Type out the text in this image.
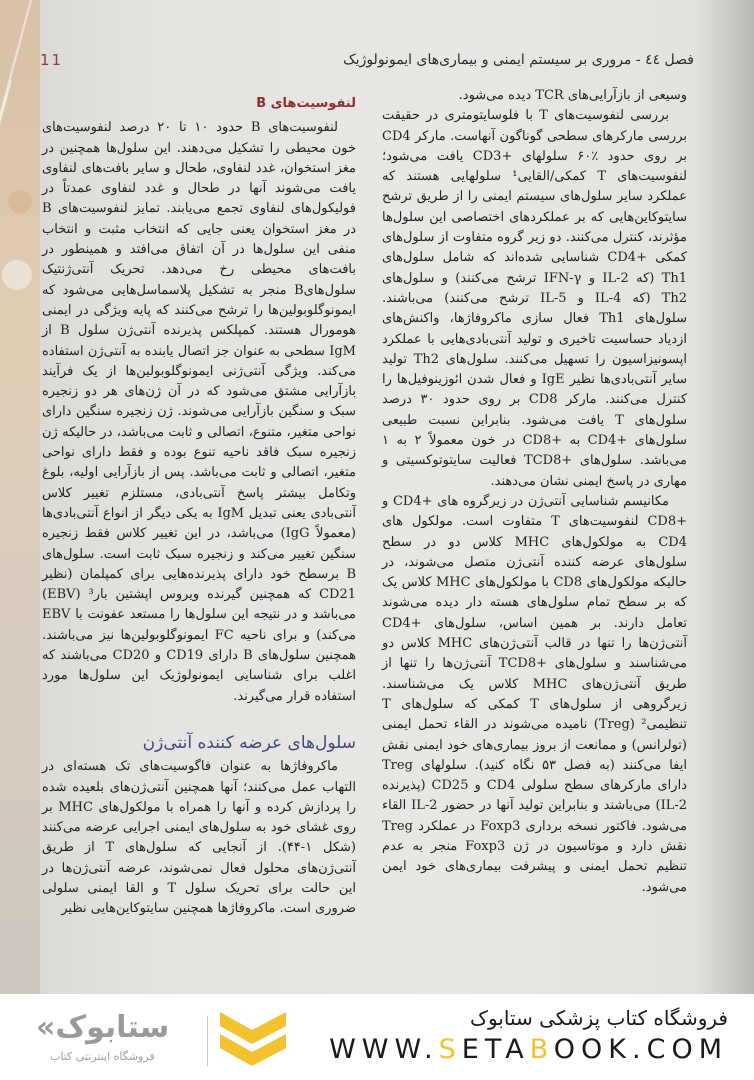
فصل ٤٤ - مروری بر سیستم ایمنی و بیماری‌های ایمونولوژیک
11

وسیعی از بازآرایی‌های TCR دیده می‌شود.

بررسی لنفوسیت‌های T با فلوسایتومتری در حقیقت بررسی مارکرهای سطحی گوناگون آنهاست. مارکر CD4 بر روی حدود ٪۶۰ سلولهای +CD3 یافت می‌شود؛ لنفوسیت‌های T کمکی/القایی¹ سلولهایی هستند که عملکرد سایر سلول‌های سیستم ایمنی را از طریق ترشح سایتوکاین‌هایی که بر عملکردهای اختصاصی این سلول‌ها مؤثرند، کنترل می‌کنند. دو زیر گروه متفاوت از سلول‌های کمکی +CD4 شناسایی شده‌اند که شامل سلول‌های Th1 (که IL-2 و IFN-γ ترشح می‌کنند) و سلول‌های Th2 (که IL-4 و IL-5 ترشح می‌کنند) می‌باشند. سلول‌های Th1 فعال سازی ماکروفاژها، واکنش‌های ازدیاد حساسیت تاخیری و تولید آنتی‌بادی‌هایی با عملکرد اپسونیزاسیون را تسهیل می‌کنند. سلول‌های Th2 تولید سایر آنتی‌بادی‌ها نظیر IgE و فعال شدن ائوزینوفیل‌ها را کنترل می‌کنند. مارکر CD8 بر روی حدود ۳۰ درصد سلول‌های T یافت می‌شود. بنابراین نسبت طبیعی سلول‌های +CD4 به +CD8 در خون معمولاً ۲ به ۱ می‌باشد. سلول‌های +TCD8 فعالیت سایتوتوکسیتی و مهاری در پاسخ ایمنی نشان می‌دهند.

مکانیسم شناسایی آنتی‌ژن در زیرگروه های +CD4 و +CD8 لنفوسیت‌های T متفاوت است. مولکول های CD4 به مولکول‌های MHC کلاس دو در سطح سلول‌های عرضه کننده آنتی‌ژن متصل می‌شوند، در حالیکه مولکول‌های CD8 با مولکول‌های MHC کلاس یک که بر سطح تمام سلول‌های هسته دار دیده می‌شوند تعامل دارند. بر همین اساس، سلول‌های +CD4 آنتی‌ژن‌ها را تنها در قالب آنتی‌ژن‌های MHC کلاس دو می‌شناسند و سلول‌های +TCD8 آنتی‌ژن‌ها را تنها از طریق آنتی‌ژن‌های MHC کلاس یک می‌شناسند. زیرگروهی از سلول‌های T کمکی که سلول‌های T تنظیمی² (Treg) نامیده می‌شوند در القاء تحمل ایمنی (تولرانس) و ممانعت از بروز بیماری‌های خود ایمنی نقش ایفا می‌کنند (به فصل ۵۳ نگاه کنید). سلولهای Treg دارای مارکرهای سطح سلولی CD4 و CD25 (پذیرنده IL-2) می‌باشند و بنابراین تولید آنها در حضور IL-2 القاء می‌شود. فاکتور نسخه برداری Foxp3 در عملکرد Treg نقش دارد و موتاسیون در ژن Foxp3 منجر به عدم تنظیم تحمل ایمنی و پیشرفت بیماری‌های خود ایمن می‌شود.

لنفوسیت‌های B

لنفوسیت‌های B حدود ۱۰ تا ۲۰ درصد لنفوسیت‌های خون محیطی را تشکیل می‌دهند. این سلول‌ها همچنین در مغز استخوان، غدد لنفاوی، طحال و سایر بافت‌های لنفاوی یافت می‌شوند آنها در طحال و غدد لنفاوی عمدتاً در فولیکول‌های لنفاوی تجمع می‌یابند. تمایز لنفوسیت‌های B در مغز استخوان یعنی جایی که انتخاب مثبت و انتخاب منفی این سلول‌ها در آن اتفاق می‌افتد و همینطور در بافت‌های محیطی رخ می‌دهد. تحریک آنتی‌ژنتیک سلول‌هایB منجر به تشکیل پلاسماسل‌هایی می‌شود که ایمونوگلوبولین‌ها را ترشح می‌کنند که پایه ویژگی در ایمنی هومورال هستند. کمپلکس پذیرنده آنتی‌ژن سلول B از IgM سطحی به عنوان جز اتصال یابنده به آنتی‌ژن استفاده می‌کند. ویژگی آنتی‌ژنی ایمونوگلوبولین‌ها از یک فرآیند بازآرایی مشتق می‌شود که در آن ژن‌های هر دو زنجیره سبک و سنگین بازآرایی می‌شوند. ژن زنجیره سنگین دارای نواحی متغیر، متنوع، اتصالی و ثابت می‌باشد، در حالیکه ژن زنجیره سبک فاقد ناحیه تنوع بوده و فقط دارای نواحی متغیر، اتصالی و ثابت می‌باشد. پس از بازآرایی اولیه، بلوغ وتکامل بیشتر پاسخ آنتی‌بادی، مستلزم تغییر کلاس آنتی‌بادی یعنی تبدیل IgM به یکی دیگر از انواع آنتی‌بادی‌ها (معمولاً IgG) می‌باشد، در این تغییر کلاس فقط زنجیره سنگین تغییر می‌کند و زنجیره سبک ثابت است. سلول‌های B برسطح خود دارای پذیرنده‌هایی برای کمپلمان (نظیر CD21 که همچنین گیرنده ویروس اپشتین بار³ (EBV) می‌باشد و در نتیجه این سلول‌ها را مستعد عفونت با EBV می‌کند) و برای ناحیه FC ایمونوگلوبولین‌ها نیز می‌باشند. همچنین سلول‌های B دارای CD19 و CD20 می‌باشند که اغلب برای شناسایی ایمونولوژیک این سلول‌ها مورد استفاده قرار می‌گیرند.

سلول‌های عرضه کننده آنتی‌ژن

ماکروفاژها به عنوان فاگوسیت‌های تک هسته‌ای در التهاب عمل می‌کنند؛ آنها همچنین آنتی‌ژن‌های بلعیده شده را پردازش کرده و آنها را همراه با مولکول‌های MHC بر روی غشای خود به سلول‌های ایمنی اجرایی عرضه می‌کنند (شکل ۱-۴۴). از آنجایی که سلول‌های T از طریق آنتی‌ژن‌های محلول فعال نمی‌شوند، عرضه آنتی‌ژن‌ها در این حالت برای تحریک سلول T و القا ایمنی سلولی ضروری است. ماکروفاژها همچنین سایتوکاین‌هایی نظیر

«ستابوک
فروشگاه اینترنتی کتاب
فروشگاه کتاب پزشکی ستابوک
WWW.SETABOOK.COM
